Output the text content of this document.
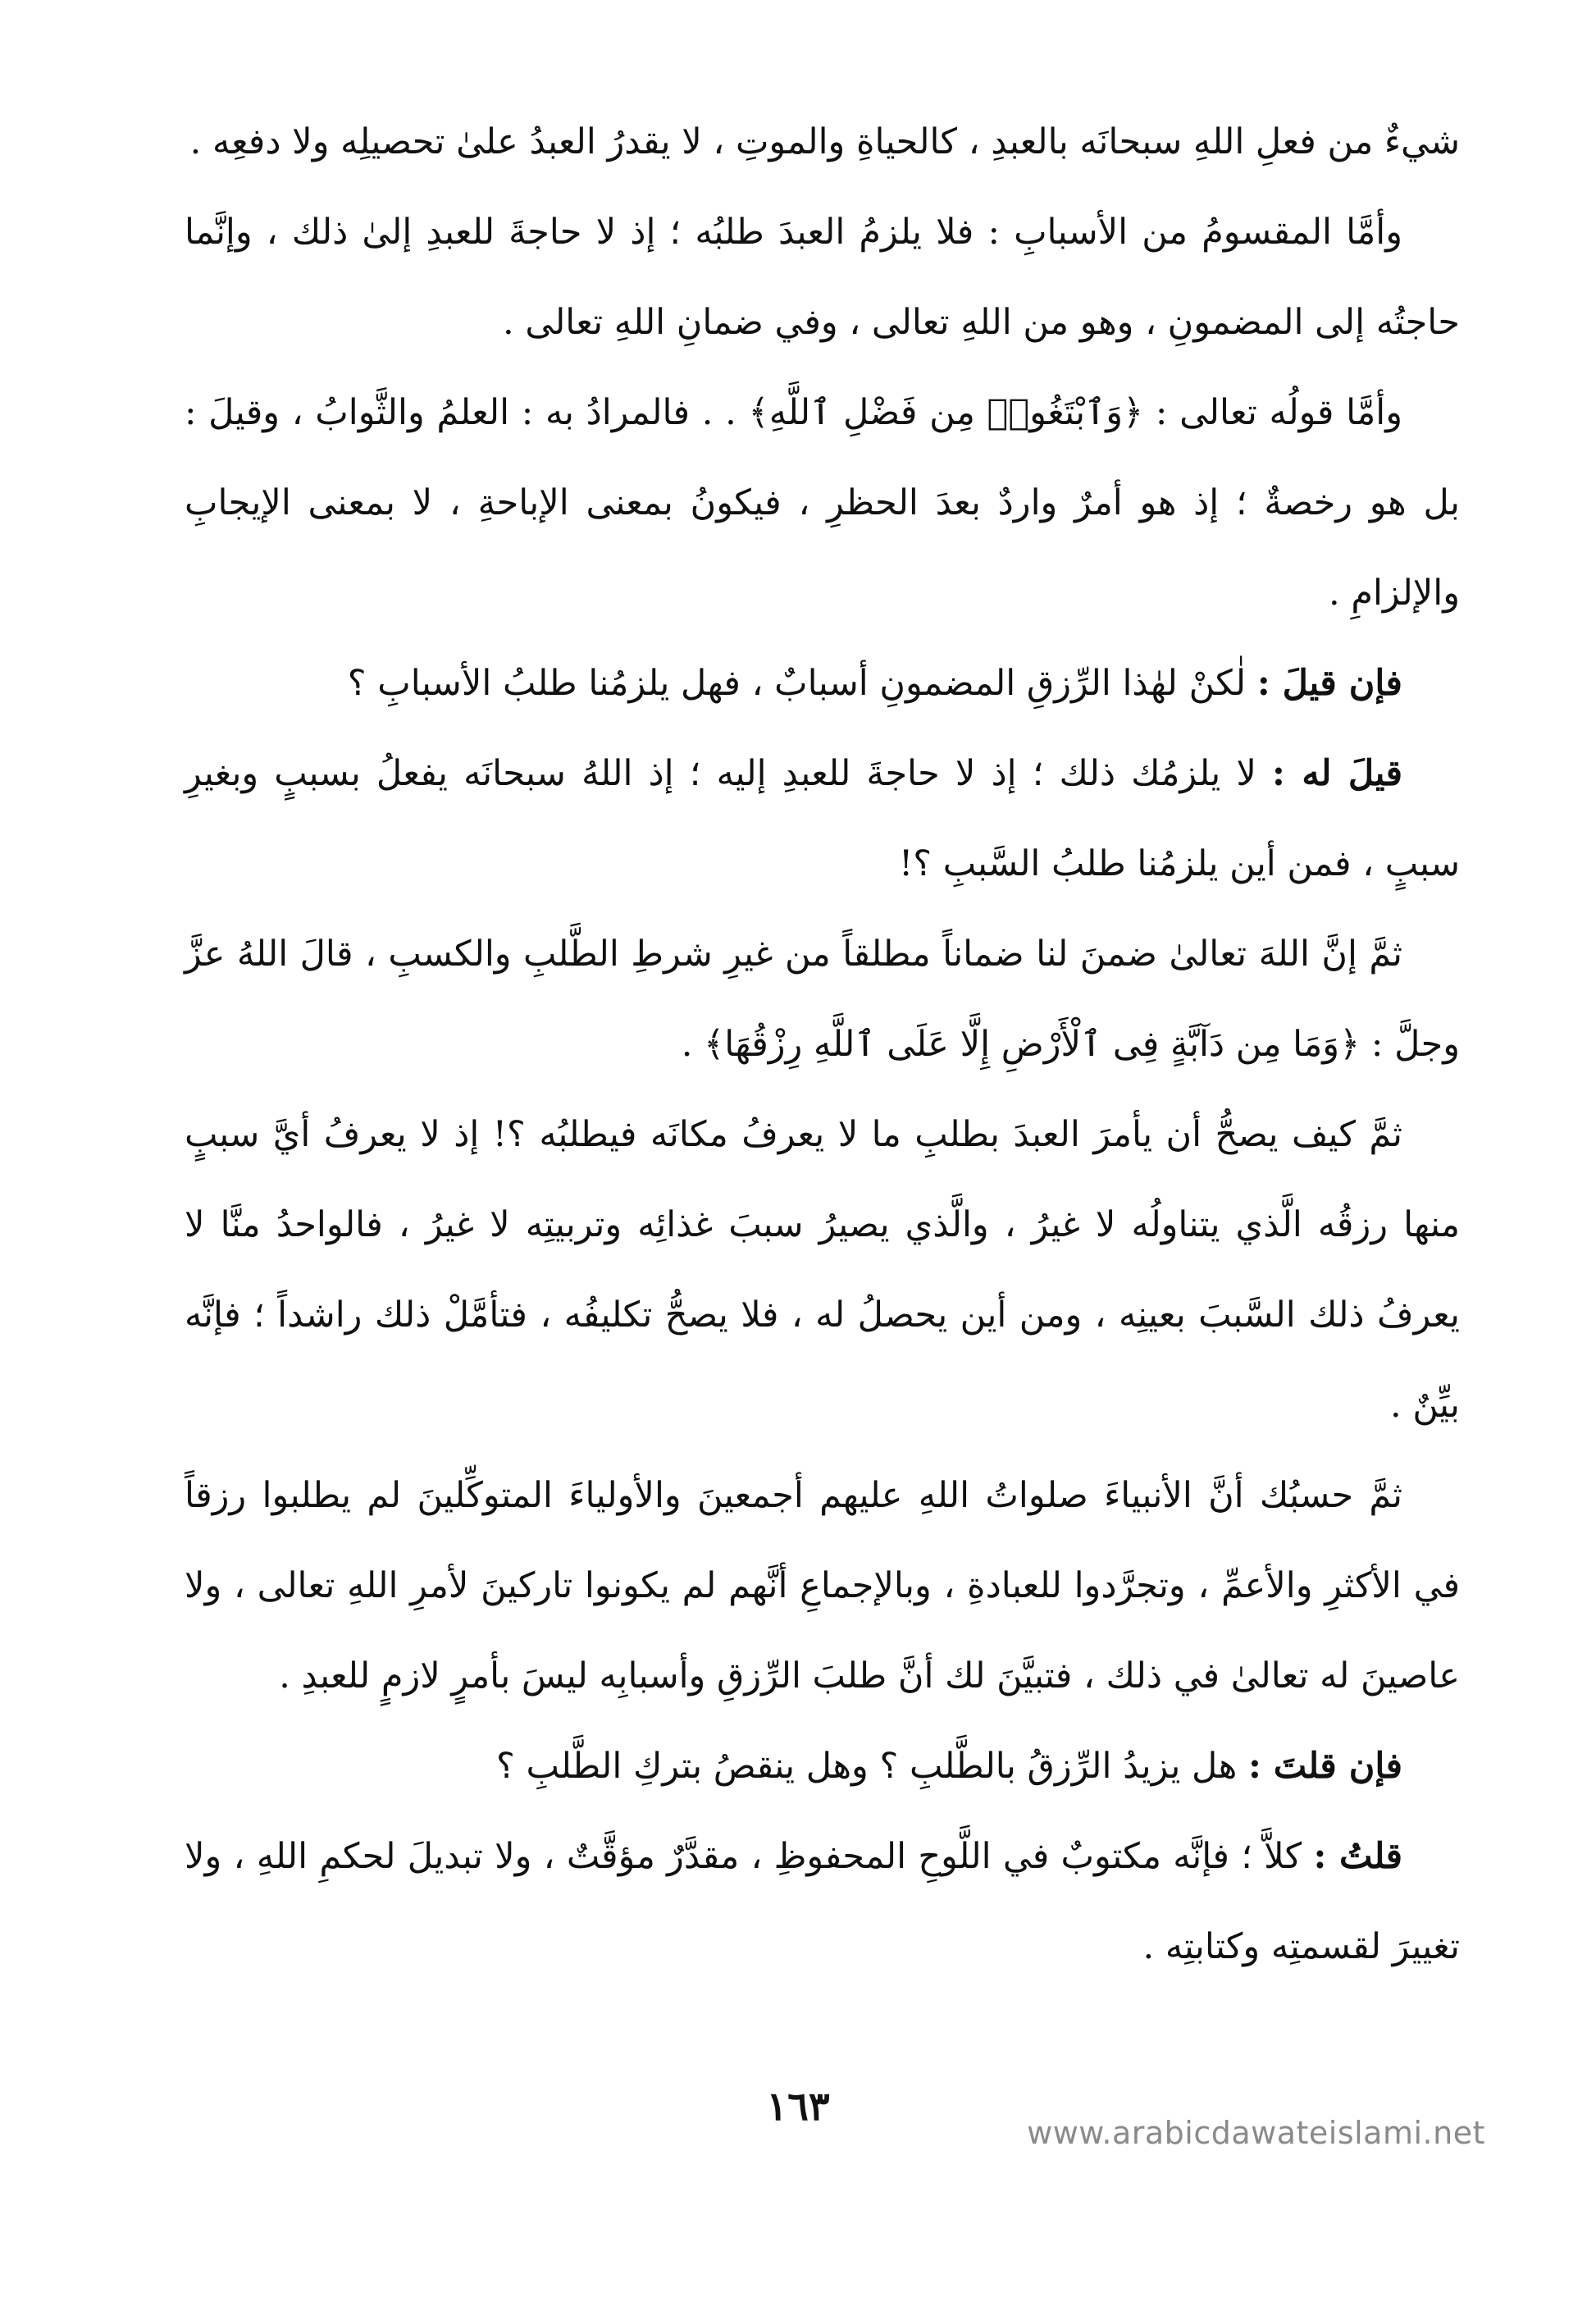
شيءٌ من فعلِ اللهِ سبحانَه بالعبدِ ، كالحياةِ والموتِ ، لا يقدرُ العبدُ علىٰ تحصيلِه ولا دفعِه .

وأمَّا المقسومُ من الأسبابِ : فلا يلزمُ العبدَ طلبُه ؛ إذ لا حاجةَ للعبدِ إلىٰ ذلك ، وإنَّما حاجتُه إلى المضمونِ ، وهو من اللهِ تعالى ، وفي ضمانِ اللهِ تعالى .

وأمَّا قولُه تعالى : ﴿وَٱبْتَغُوا۟ مِن فَضْلِ ٱللَّهِ﴾ . . فالمرادُ به : العلمُ والثَّوابُ ، وقيلَ : بل هو رخصةٌ ؛ إذ هو أمرٌ واردٌ بعدَ الحظرِ ، فيكونُ بمعنى الإباحةِ ، لا بمعنى الإيجابِ والإلزامِ .

فإن قيلَ : لٰكنْ لهٰذا الرِّزقِ المضمونِ أسبابٌ ، فهل يلزمُنا طلبُ الأسبابِ ؟

قيلَ له : لا يلزمُك ذلك ؛ إذ لا حاجةَ للعبدِ إليه ؛ إذ اللهُ سبحانَه يفعلُ بسببٍ وبغيرِ سببٍ ، فمن أين يلزمُنا طلبُ السَّببِ ؟!

ثمَّ إنَّ اللهَ تعالىٰ ضمنَ لنا ضماناً مطلقاً من غيرِ شرطِ الطَّلبِ والكسبِ ، قالَ اللهُ عزَّ وجلَّ : ﴿وَمَا مِن دَآبَّةٍ فِى ٱلْأَرْضِ إِلَّا عَلَى ٱللَّهِ رِزْقُهَا﴾ .

ثمَّ كيف يصحُّ أن يأمرَ العبدَ بطلبِ ما لا يعرفُ مكانَه فيطلبُه ؟! إذ لا يعرفُ أيَّ سببٍ منها رزقُه الَّذي يتناولُه لا غيرُ ، والَّذي يصيرُ سببَ غذائِه وتربيتِه لا غيرُ ، فالواحدُ منَّا لا يعرفُ ذلك السَّببَ بعينِه ، ومن أين يحصلُ له ، فلا يصحُّ تكليفُه ، فتأمَّلْ ذلك راشداً ؛ فإنَّه بيِّنٌ .

ثمَّ حسبُك أنَّ الأنبياءَ صلواتُ اللهِ عليهم أجمعينَ والأولياءَ المتوكِّلينَ لم يطلبوا رزقاً في الأكثرِ والأعمِّ ، وتجرَّدوا للعبادةِ ، وبالإجماعِ أنَّهم لم يكونوا تاركينَ لأمرِ اللهِ تعالى ، ولا عاصينَ له تعالىٰ في ذلك ، فتبيَّنَ لك أنَّ طلبَ الرِّزقِ وأسبابِه ليسَ بأمرٍ لازمٍ للعبدِ .

فإن قلتَ : هل يزيدُ الرِّزقُ بالطَّلبِ ؟ وهل ينقصُ بتركِ الطَّلبِ ؟

قلتُ : كلاَّ ؛ فإنَّه مكتوبٌ في اللَّوحِ المحفوظِ ، مقدَّرٌ مؤقَّتٌ ، ولا تبديلَ لحكمِ اللهِ ، ولا تغييرَ لقسمتِه وكتابتِه .

١٦٣
www.arabicdawateislami.net
